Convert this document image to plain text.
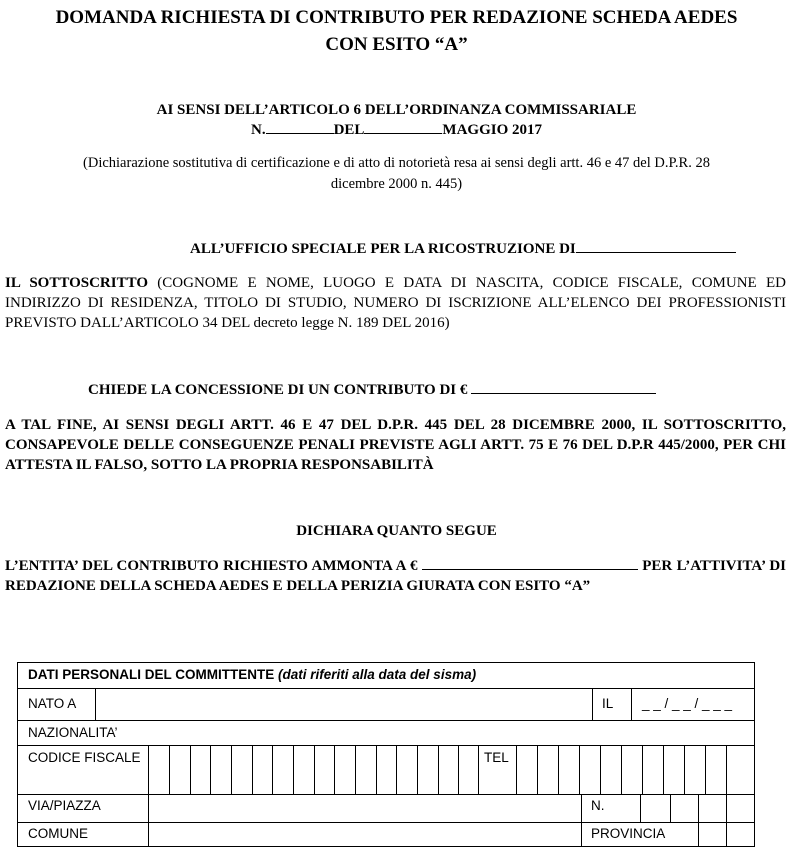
DOMANDA RICHIESTA DI CONTRIBUTO PER REDAZIONE SCHEDA AEDES
CON ESITO “A”
AI SENSI DELL’ARTICOLO 6 DELL’ORDINANZA COMMISSARIALE
N.	DEL	MAGGIO 2017
(Dichiarazione sostitutiva di certificazione e di atto di notorietà resa ai sensi degli artt. 46 e 47 del D.P.R. 28
dicembre 2000 n. 445)
ALL’UFFICIO SPECIALE PER LA RICOSTRUZIONE DI
IL SOTTOSCRITTO (COGNOME E NOME, LUOGO E DATA DI NASCITA, CODICE FISCALE, COMUNE ED INDIRIZZO DI RESIDENZA, TITOLO DI STUDIO, NUMERO DI ISCRIZIONE ALL’ELENCO DEI PROFESSIONISTI PREVISTO DALL’ARTICOLO 34 DEL decreto legge N. 189 DEL 2016)
CHIEDE LA CONCESSIONE DI UN CONTRIBUTO DI €
A TAL FINE, AI SENSI DEGLI ARTT. 46 E 47 DEL D.P.R. 445 DEL 28 DICEMBRE 2000, IL SOTTOSCRITTO, CONSAPEVOLE DELLE CONSEGUENZE PENALI PREVISTE AGLI ARTT. 75 E 76 DEL D.P.R 445/2000, PER CHI ATTESTA IL FALSO, SOTTO LA PROPRIA RESPONSABILITÀ
DICHIARA QUANTO SEGUE
L’ENTITA’ DEL CONTRIBUTO RICHIESTO AMMONTA A €	PER L’ATTIVITA’ DI REDAZIONE DELLA SCHEDA AEDES E DELLA PERIZIA GIURATA CON ESITO “A”
DATI PERSONALI DEL COMMITTENTE (dati riferiti alla data del sisma)
NATO A	IL _ _ / _ _ / _ _ _
NAZIONALITA’
CODICE FISCALE	TEL
VIA/PIAZZA	N.
COMUNE	PROVINCIA
